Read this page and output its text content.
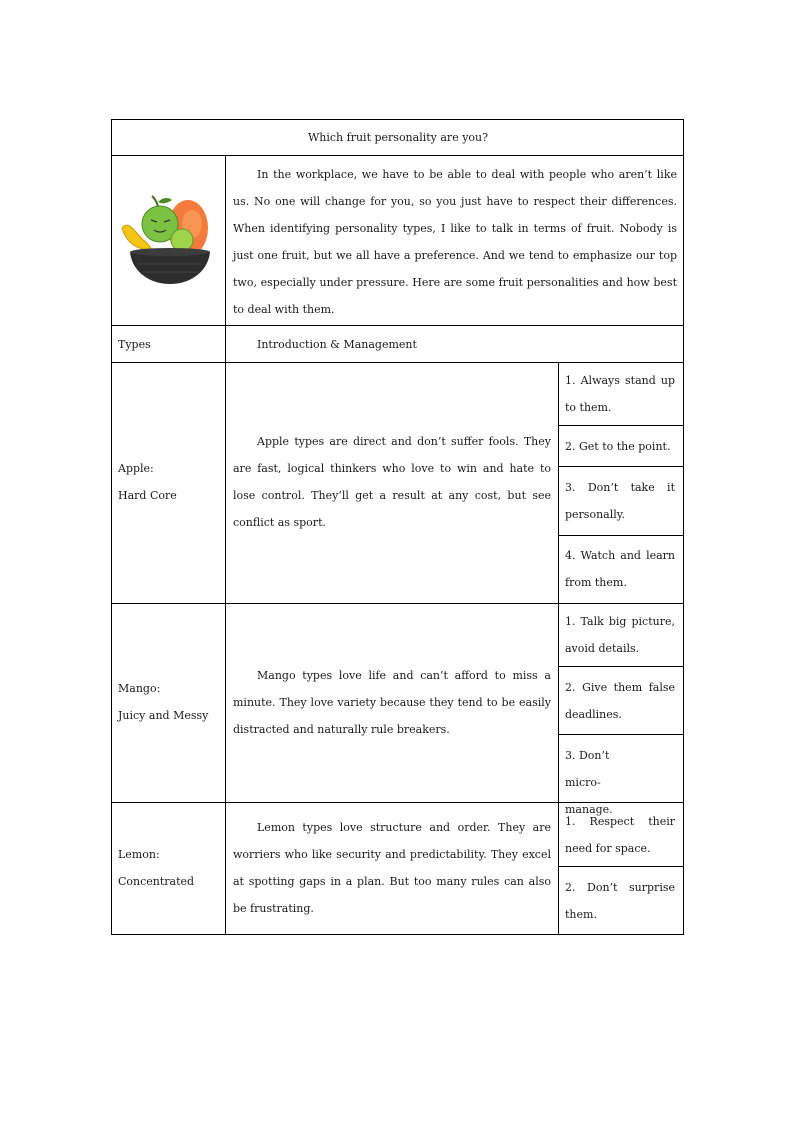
Which fruit personality are you?
In the workplace, we have to be able to deal with people who aren’t like us. No one will change for you, so you just have to respect their differences. When identifying personality types, I like to talk in terms of fruit. Nobody is just one fruit, but we all have a preference. And we tend to emphasize our top two, especially under pressure. Here are some fruit personalities and how best to deal with them.
Types	Introduction & Management
Apple:
Hard Core
Apple types are direct and don’t suffer fools. They are fast, logical thinkers who love to win and hate to lose control. They’ll get a result at any cost, but see conflict as sport.
1. Always stand up to them.
2. Get to the point.
3. Don’t take it personally.
4. Watch and learn from them.
Mango:
Juicy and Messy
Mango types love life and can’t afford to miss a minute. They love variety because they tend to be easily distracted and naturally rule breakers.
1. Talk big picture, avoid details.
2. Give them false deadlines.
3. Don’t micro-manage.
Lemon:
Concentrated
Lemon types love structure and order. They are worriers who like security and predictability. They excel at spotting gaps in a plan. But too many rules can also be frustrating.
1. Respect their need for space.
2. Don’t surprise them.
